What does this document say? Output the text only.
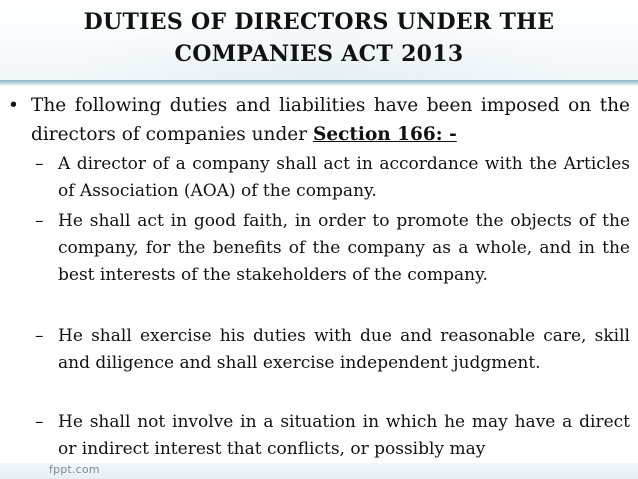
DUTIES OF DIRECTORS UNDER THE
COMPANIES ACT 2013
• The following duties and liabilities have been imposed on the directors of companies under Section 166: -
– A director of a company shall act in accordance with the Articles of Association (AOA) of the company.
– He shall act in good faith, in order to promote the objects of the company, for the benefits of the company as a whole, and in the best interests of the stakeholders of the company.
– He shall exercise his duties with due and reasonable care, skill and diligence and shall exercise independent judgment.
– He shall not involve in a situation in which he may have a direct or indirect interest that conflicts, or possibly may
fppt.com
